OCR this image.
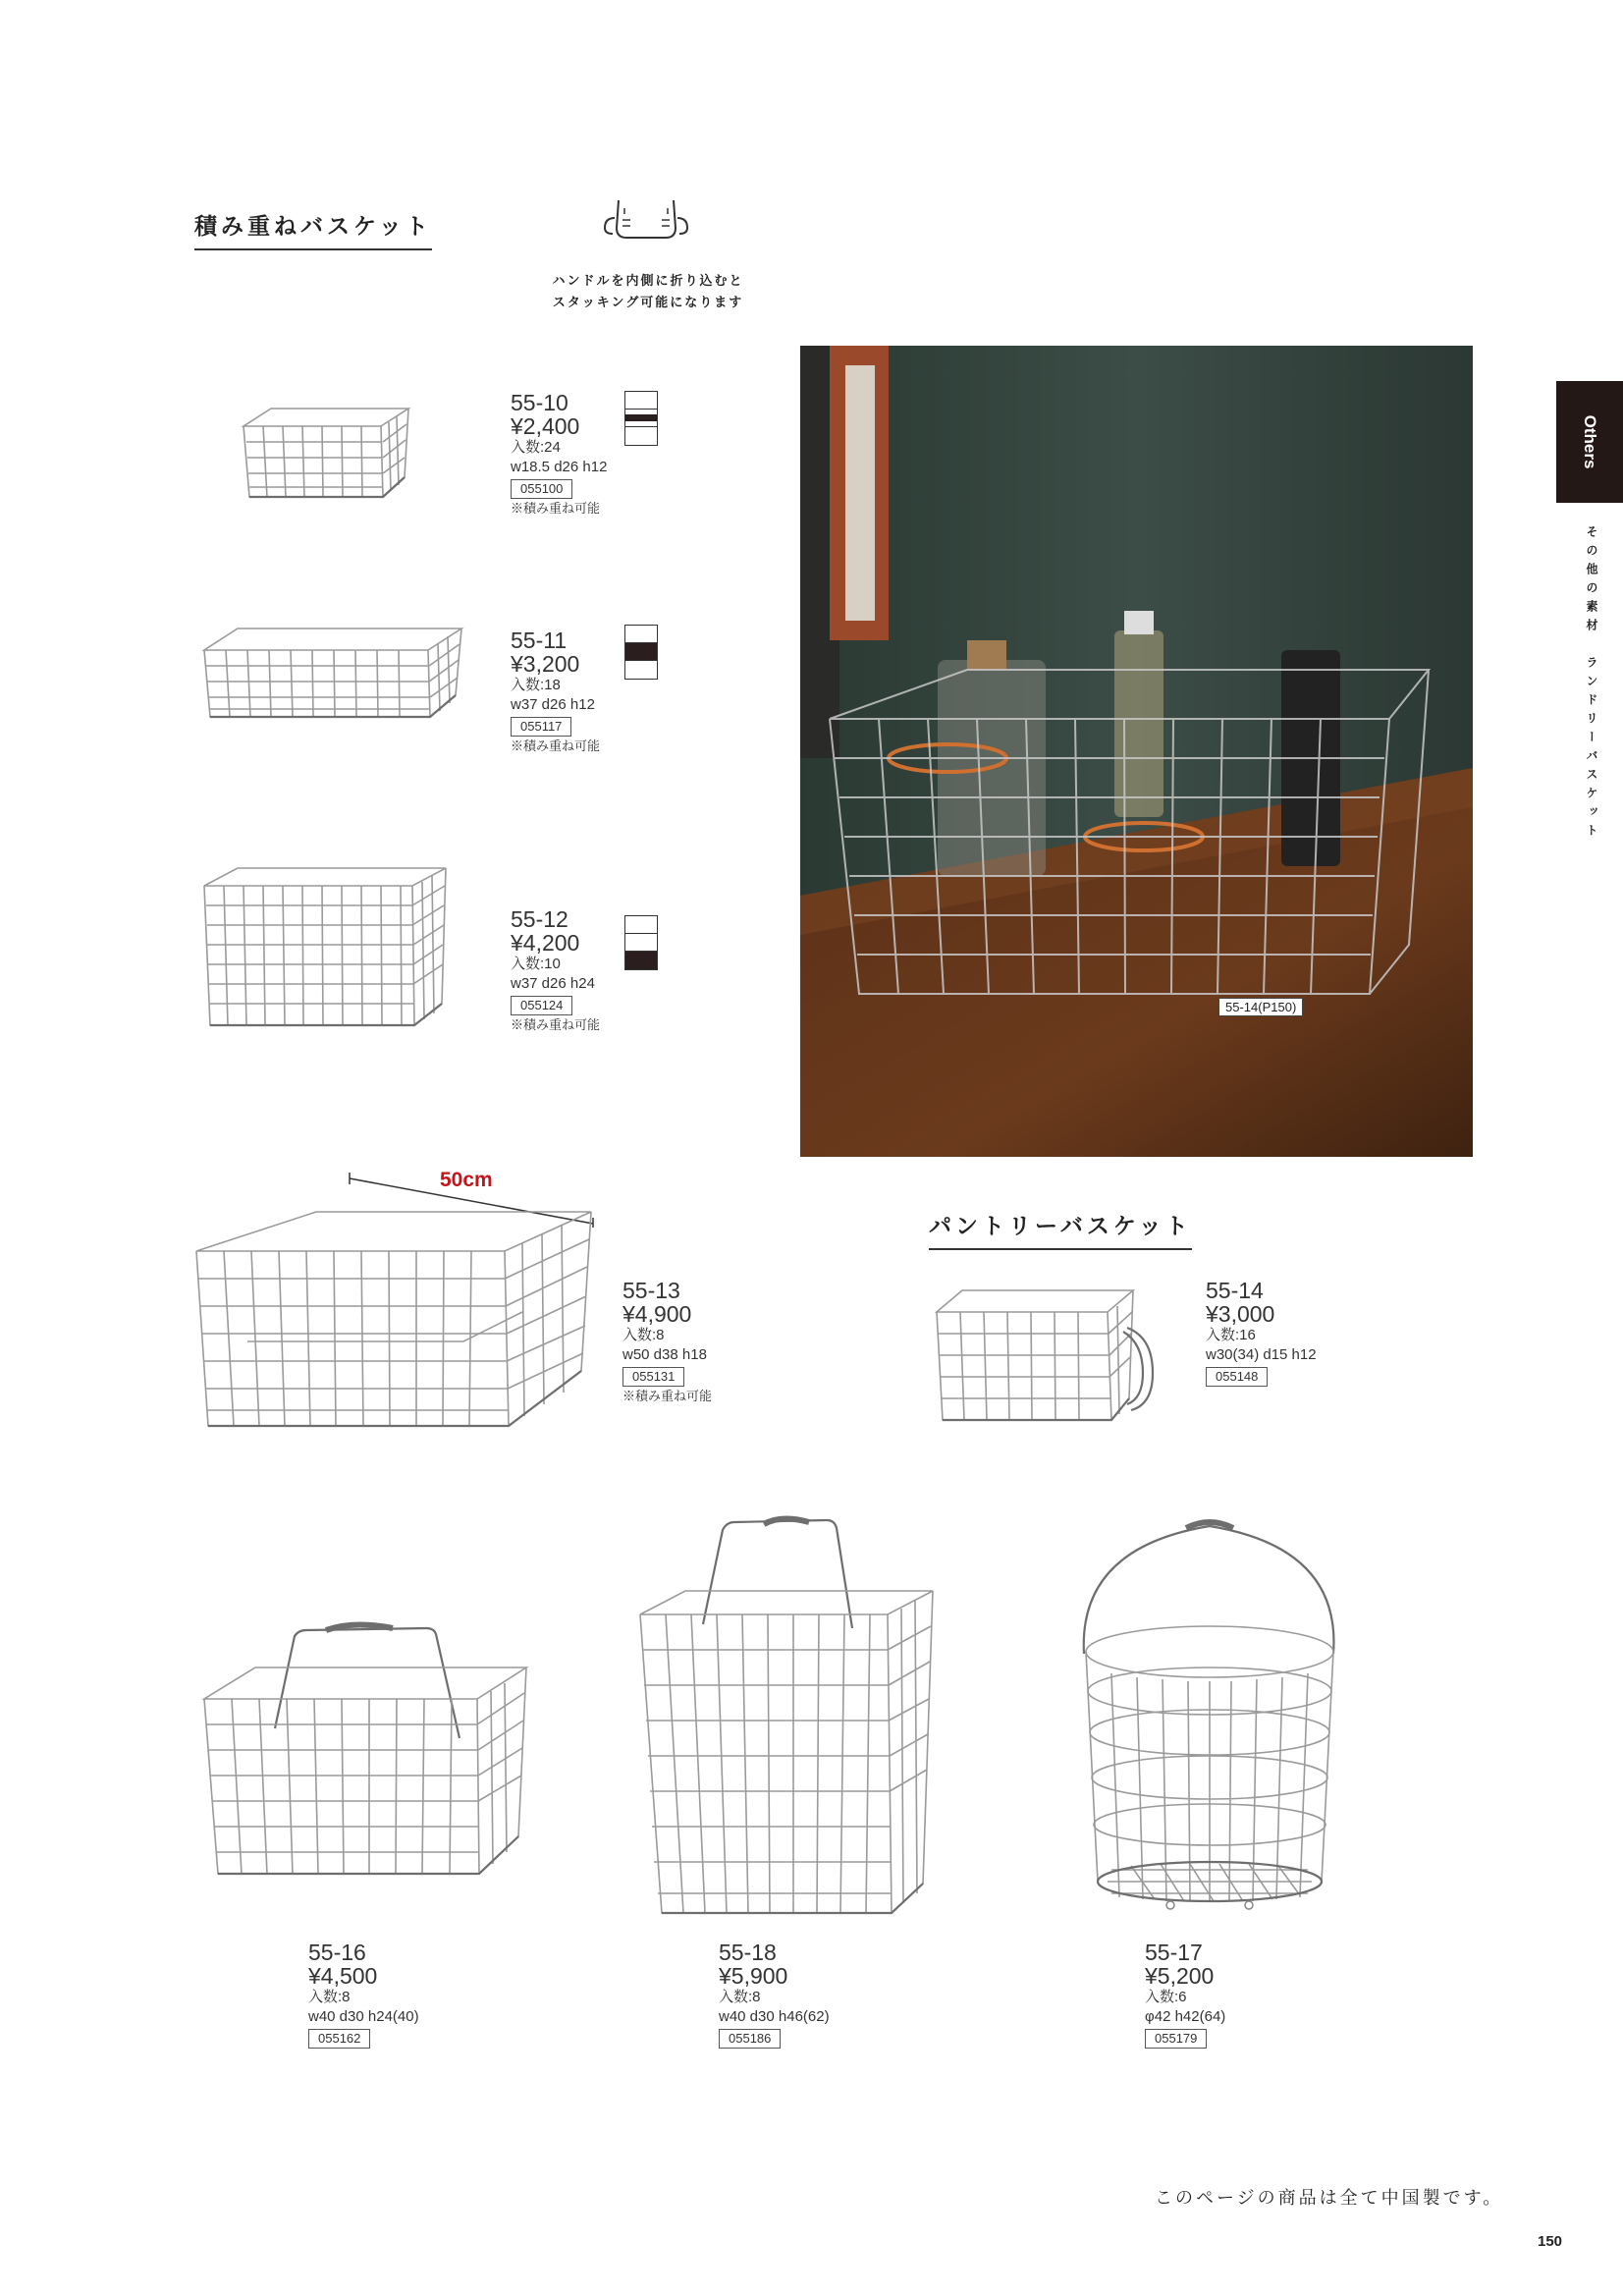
積み重ねバスケット
ハンドルを内側に折り込むと
スタッキング可能になります
Others
その他の素材　ランドリーバスケット
55-10
¥2,400
入数:24
w18.5 d26 h12
055100
※積み重ね可能
55-11
¥3,200
入数:18
w37 d26 h12
055117
※積み重ね可能
55-12
¥4,200
入数:10
w37 d26 h24
055124
※積み重ね可能
55-14(P150)
50cm
55-13
¥4,900
入数:8
w50 d38 h18
055131
※積み重ね可能
パントリーバスケット
55-14
¥3,000
入数:16
w30(34) d15 h12
055148
55-16
¥4,500
入数:8
w40 d30 h24(40)
055162
55-18
¥5,900
入数:8
w40 d30 h46(62)
055186
55-17
¥5,200
入数:6
φ42 h42(64)
055179
このページの商品は全て中国製です。
150
